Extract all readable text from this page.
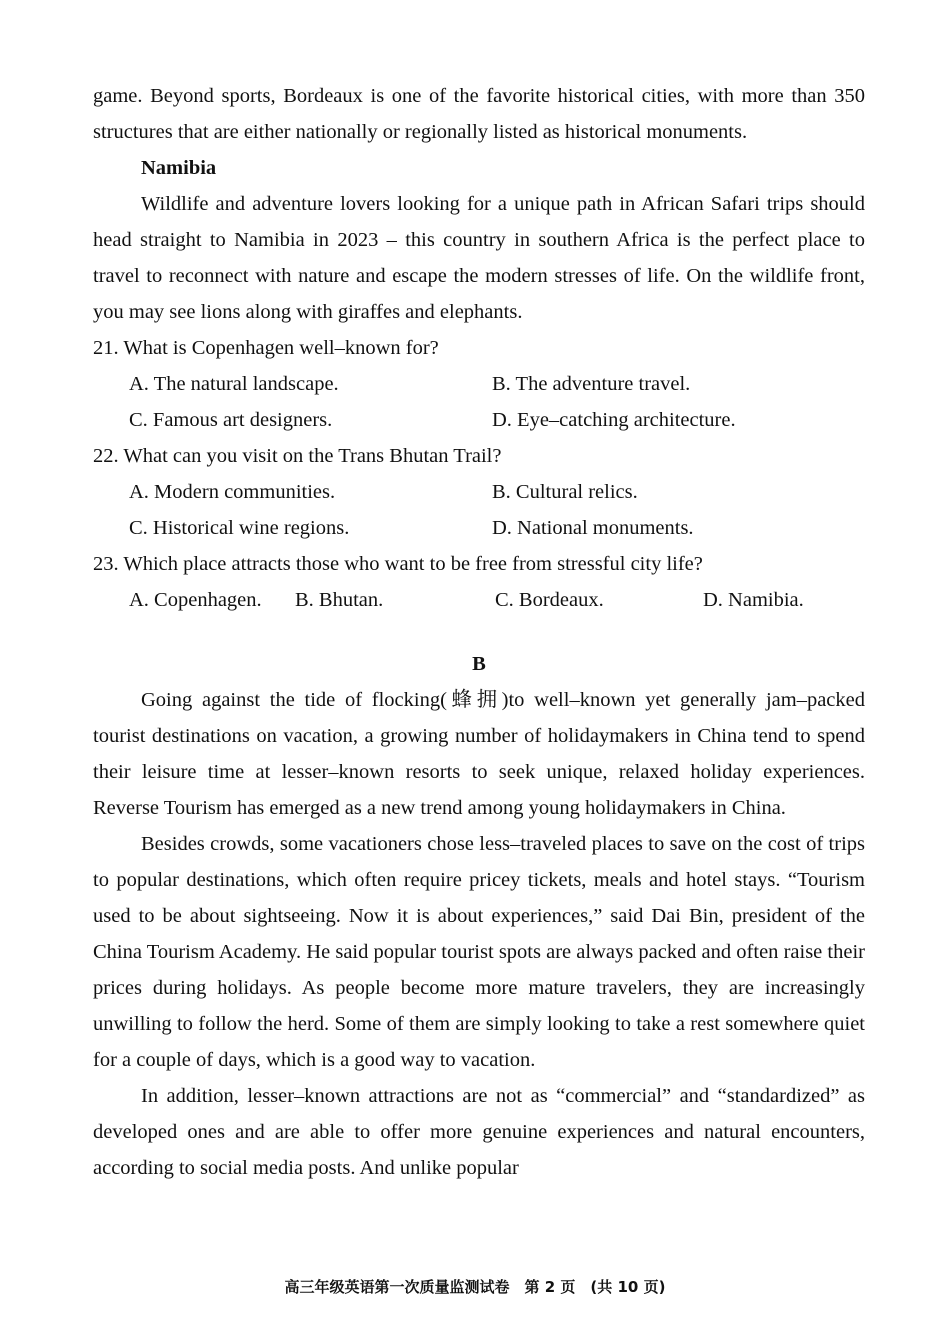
game. Beyond sports, Bordeaux is one of the favorite historical cities, with more than 350 structures that are either nationally or regionally listed as historical monuments.

Namibia

Wildlife and adventure lovers looking for a unique path in African Safari trips should head straight to Namibia in 2023 – this country in southern Africa is the perfect place to travel to reconnect with nature and escape the modern stresses of life. On the wildlife front, you may see lions along with giraffes and elephants.

21. What is Copenhagen well–known for?
A. The natural landscape.	B. The adventure travel.
C. Famous art designers.	D. Eye–catching architecture.
22. What can you visit on the Trans Bhutan Trail?
A. Modern communities.	B. Cultural relics.
C. Historical wine regions.	D. National monuments.
23. Which place attracts those who want to be free from stressful city life?
A. Copenhagen.	B. Bhutan.	C. Bordeaux.	D. Namibia.
B

Going against the tide of flocking(蜂拥)to well–known yet generally jam–packed tourist destinations on vacation, a growing number of holidaymakers in China tend to spend their leisure time at lesser–known resorts to seek unique, relaxed holiday experiences. Reverse Tourism has emerged as a new trend among young holidaymakers in China.

Besides crowds, some vacationers chose less–traveled places to save on the cost of trips to popular destinations, which often require pricey tickets, meals and hotel stays. “Tourism used to be about sightseeing. Now it is about experiences,” said Dai Bin, president of the China Tourism Academy. He said popular tourist spots are always packed and often raise their prices during holidays. As people become more mature travelers, they are increasingly unwilling to follow the herd. Some of them are simply looking to take a rest somewhere quiet for a couple of days, which is a good way to vacation.

In addition, lesser–known attractions are not as “commercial” and “standardized” as developed ones and are able to offer more genuine experiences and natural encounters, according to social media posts. And unlike popular

高三年级英语第一次质量监测试卷　第 2 页　(共 10 页)
